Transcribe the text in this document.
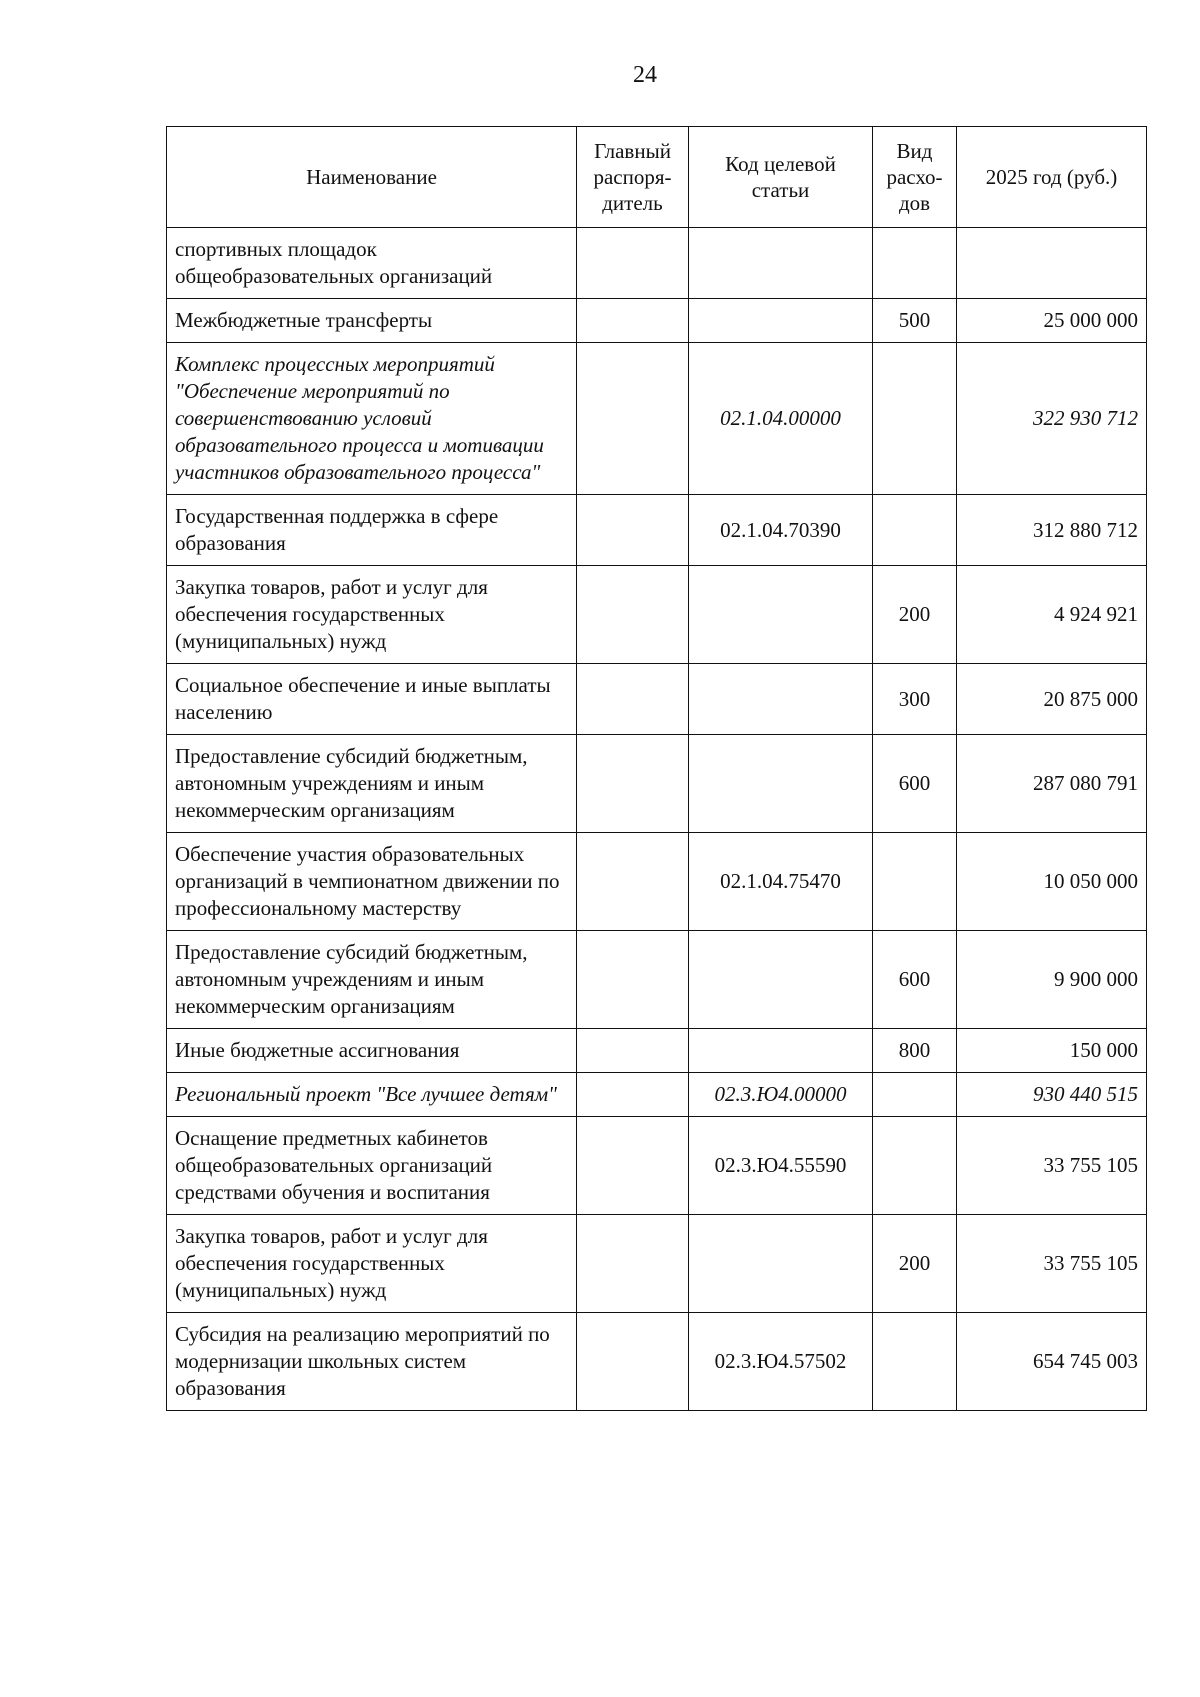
24
Наименование	Главный распоря-дитель	Код целевой статьи	Вид расхо-дов	2025 год (руб.)
спортивных площадок общеобразовательных организаций				
Межбюджетные трансферты			500	25 000 000
Комплекс процессных мероприятий "Обеспечение мероприятий по совершенствованию условий образовательного процесса и мотивации участников образовательного процесса"		02.1.04.00000		322 930 712
Государственная поддержка в сфере образования		02.1.04.70390		312 880 712
Закупка товаров, работ и услуг для обеспечения государственных (муниципальных) нужд			200	4 924 921
Социальное обеспечение и иные выплаты населению			300	20 875 000
Предоставление субсидий бюджетным, автономным учреждениям и иным некоммерческим организациям			600	287 080 791
Обеспечение участия образовательных организаций в чемпионатном движении по профессиональному мастерству		02.1.04.75470		10 050 000
Предоставление субсидий бюджетным, автономным учреждениям и иным некоммерческим организациям			600	9 900 000
Иные бюджетные ассигнования			800	150 000
Региональный проект "Все лучшее детям"		02.3.Ю4.00000		930 440 515
Оснащение предметных кабинетов общеобразовательных организаций средствами обучения и воспитания		02.3.Ю4.55590		33 755 105
Закупка товаров, работ и услуг для обеспечения государственных (муниципальных) нужд			200	33 755 105
Субсидия на реализацию мероприятий по модернизации школьных систем образования		02.3.Ю4.57502		654 745 003
